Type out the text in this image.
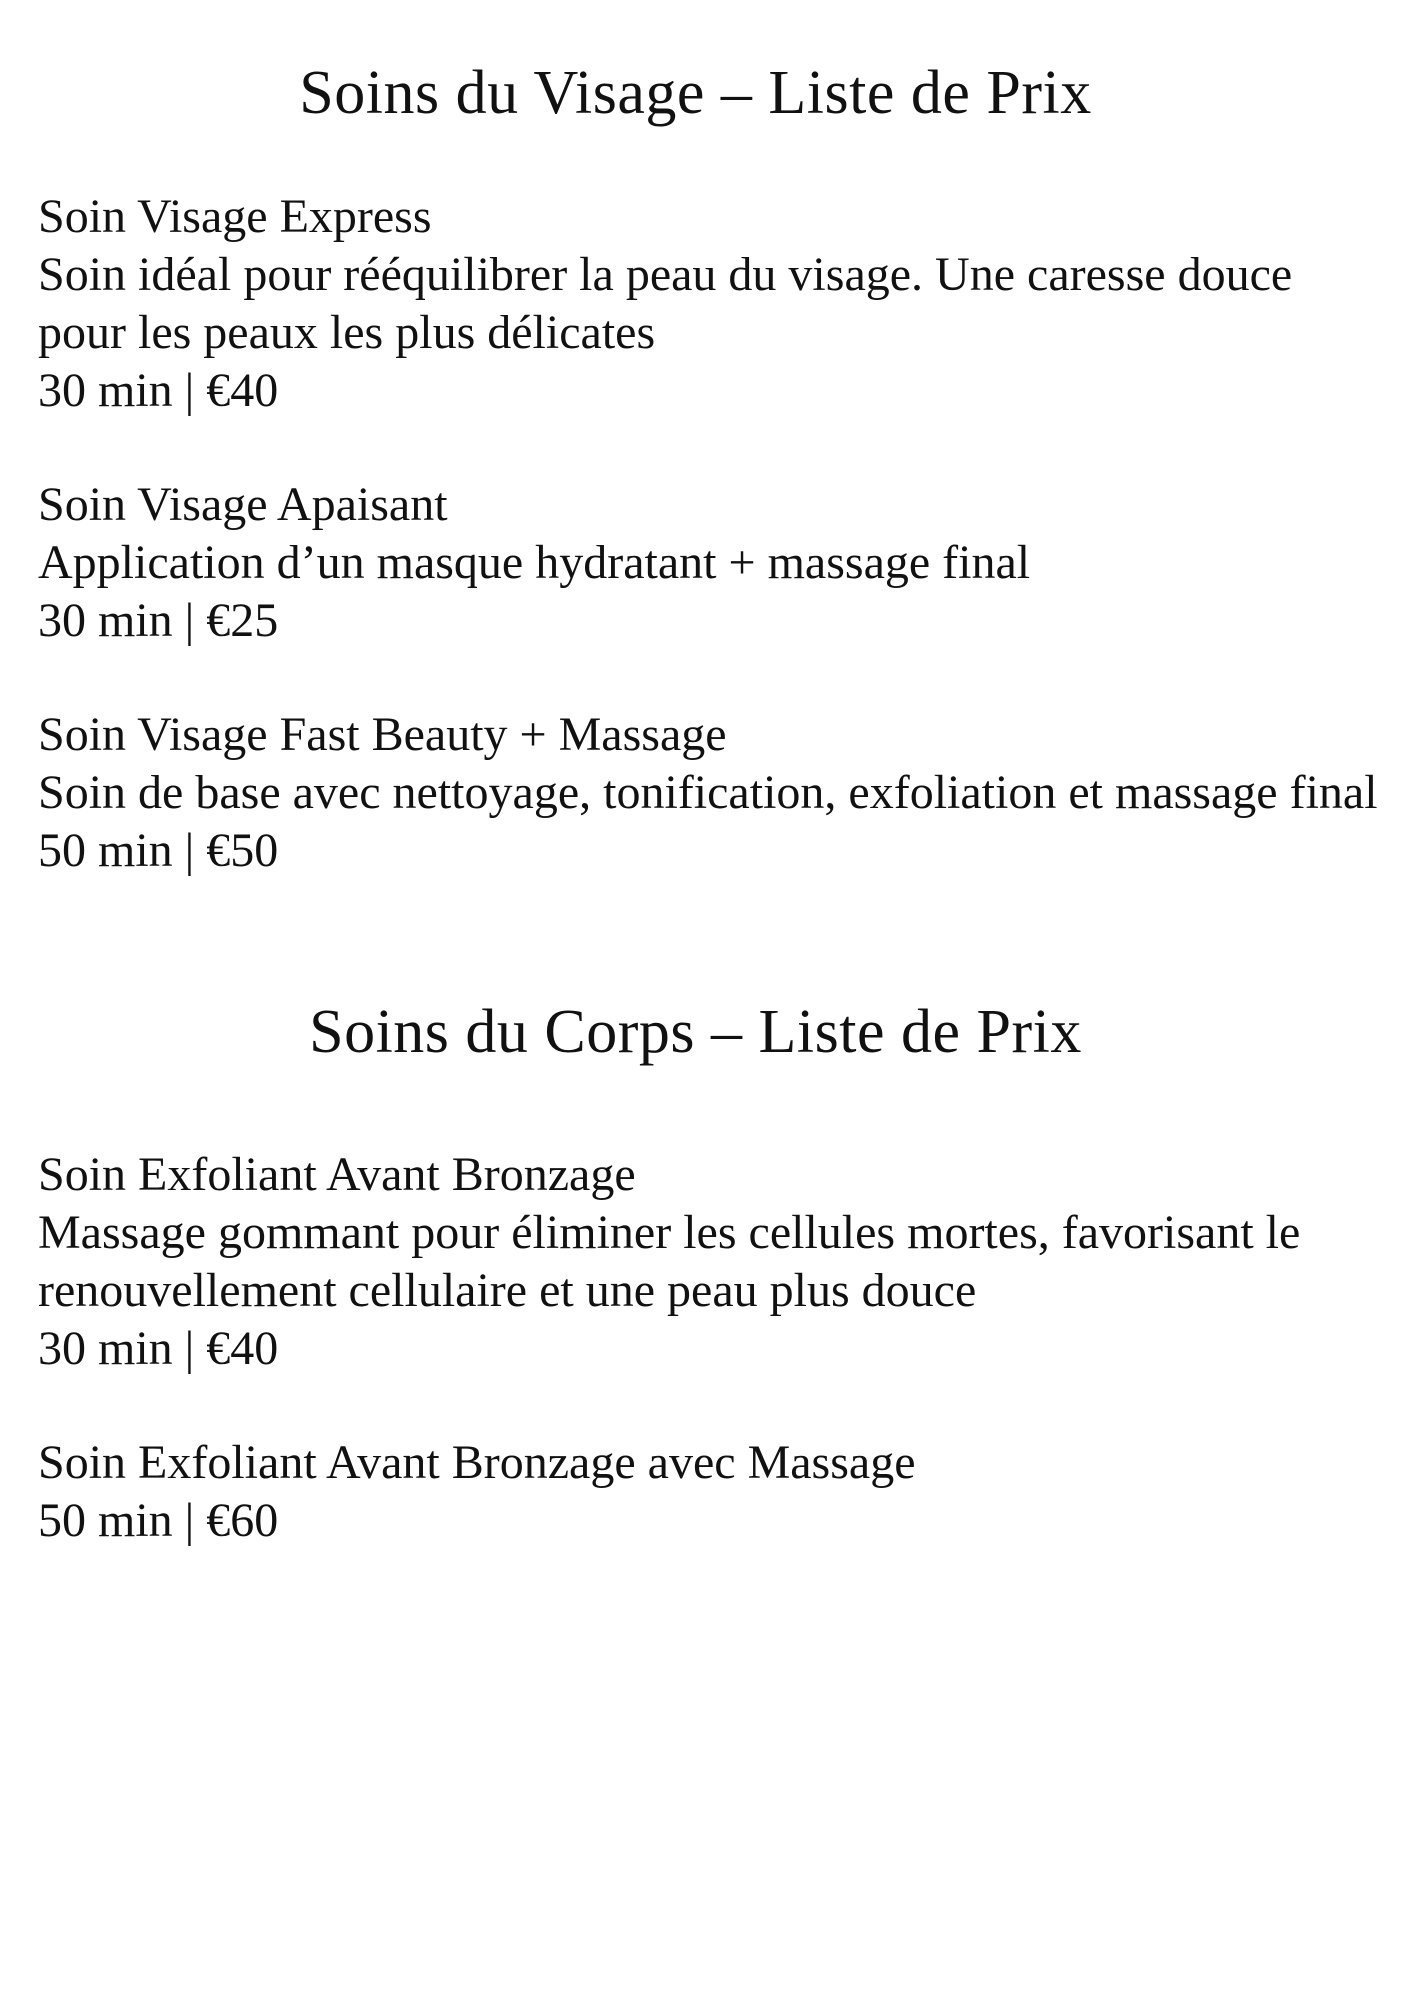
Soins du Visage – Liste de Prix
Soin Visage Express
Soin idéal pour rééquilibrer la peau du visage. Une caresse douce
pour les peaux les plus délicates
30 min | €40
Soin Visage Apaisant
Application d’un masque hydratant + massage final
30 min | €25
Soin Visage Fast Beauty + Massage
Soin de base avec nettoyage, tonification, exfoliation et massage final
50 min | €50
Soins du Corps – Liste de Prix
Soin Exfoliant Avant Bronzage
Massage gommant pour éliminer les cellules mortes, favorisant le
renouvellement cellulaire et une peau plus douce
30 min | €40
Soin Exfoliant Avant Bronzage avec Massage
50 min | €60
